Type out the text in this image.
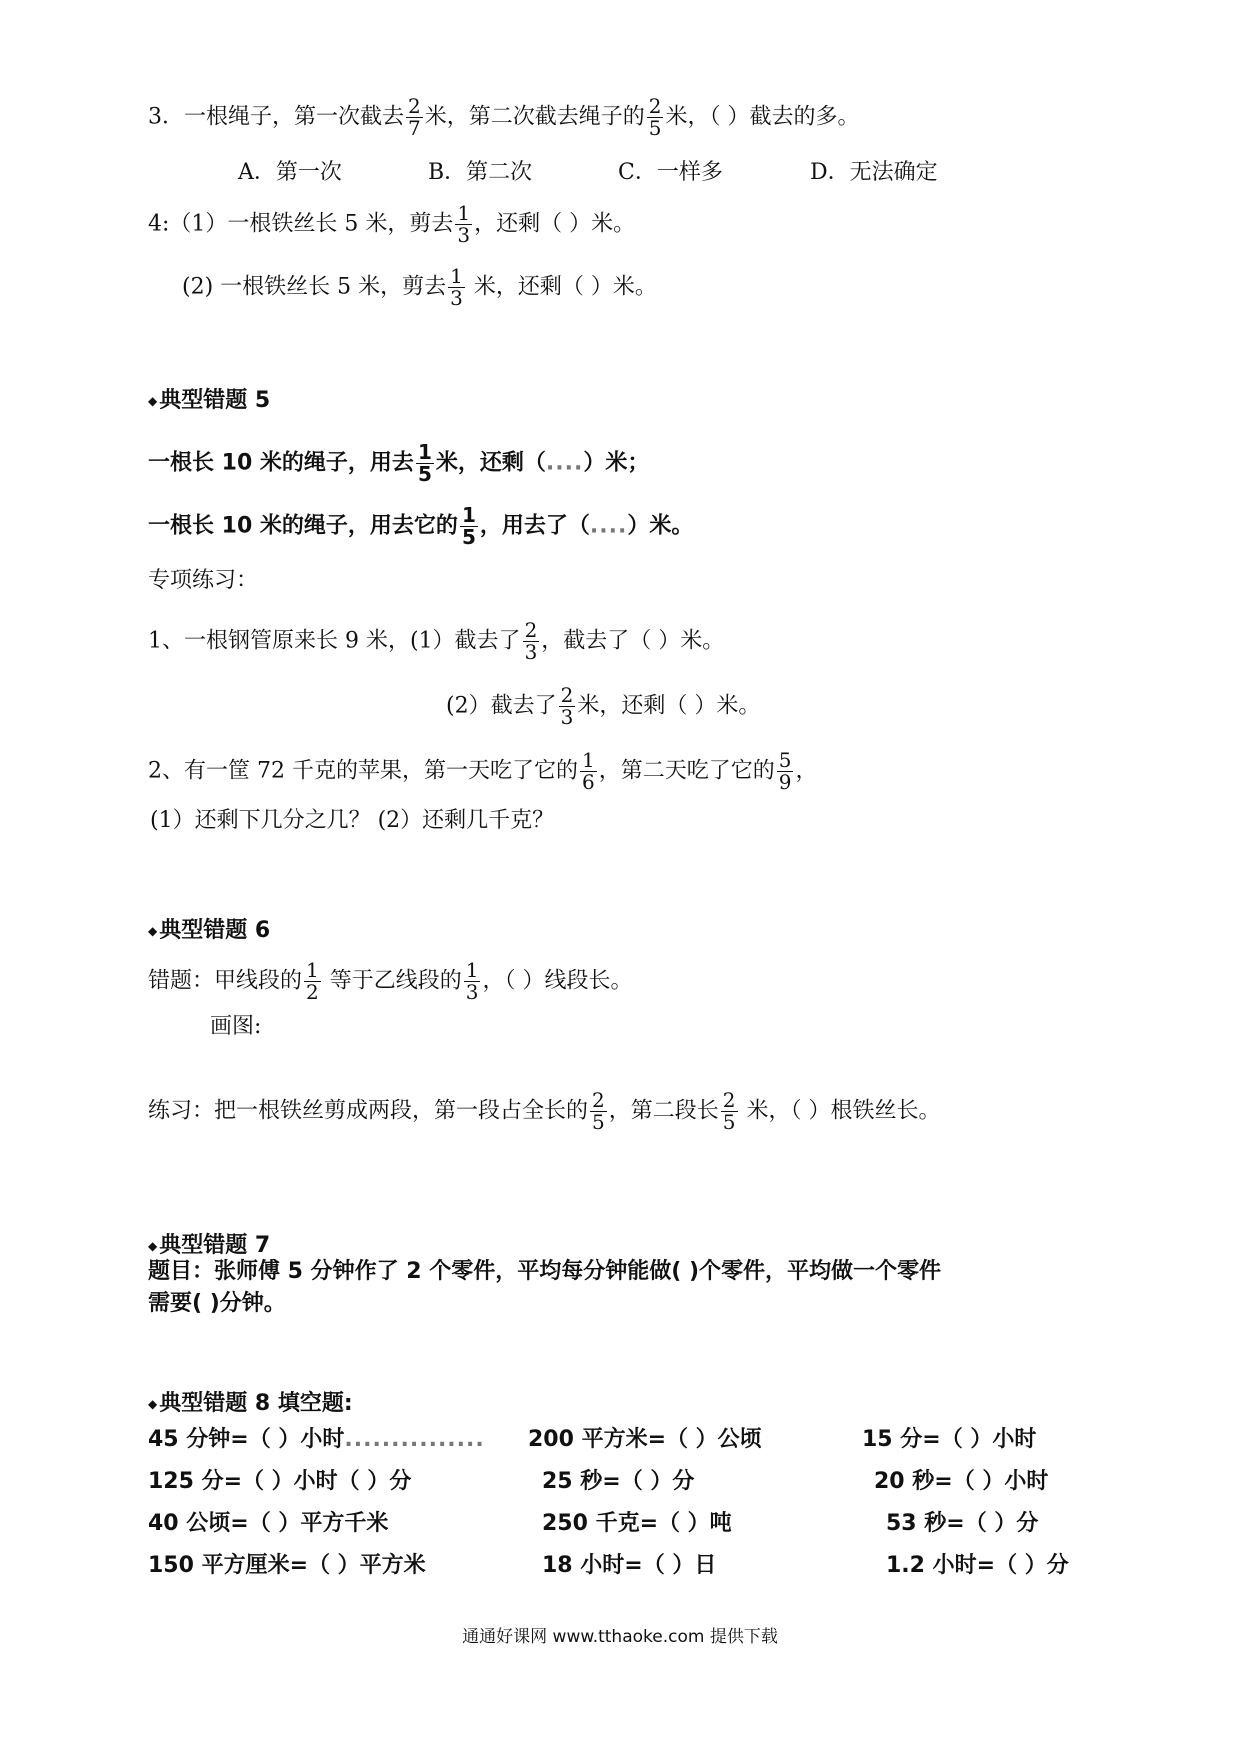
3．一根绳子，第一次截去 $\frac{2}{7}$ 米，第二次截去绳子的 $\frac{2}{5}$ 米，（ ）截去的多。
A．第一次	B．第二次	C．一样多	D．无法确定
4:（1）一根铁丝长 5 米，剪去 $\frac{1}{3}$ ，还剩（ ）米。
(2) 一根铁丝长 5 米，剪去 $\frac{1}{3}$ 米，还剩（ ）米。
◆典型错题 5
一根长 10 米的绳子，用去 $\frac{1}{5}$ 米，还剩（....）米；
一根长 10 米的绳子，用去它的 $\frac{1}{5}$ ，用去了（....）米。
专项练习：
1、一根钢管原来长 9 米，(1）截去了 $\frac{2}{3}$ ，截去了（ ）米。
(2）截去了 $\frac{2}{3}$ 米，还剩（ ）米。
2、有一筐 72 千克的苹果，第一天吃了它的 $\frac{1}{6}$ ，第二天吃了它的 $\frac{5}{9}$ ，
(1）还剩下几分之几？ (2）还剩几千克？
◆典型错题 6
错题：甲线段的 $\frac{1}{2}$ 等于乙线段的 $\frac{1}{3}$ ，（ ）线段长。
画图:
练习：把一根铁丝剪成两段，第一段占全长的 $\frac{2}{5}$ ，第二段长 $\frac{2}{5}$ 米，（ ）根铁丝长。
◆典型错题 7
题目：张师傅 5 分钟作了 2 个零件，平均每分钟能做( )个零件，平均做一个零件
需要( )分钟。
◆典型错题 8 填空题:
45 分钟=（ ）小时............... 200 平方米=（ ）公顷	15 分=（ ）小时
125 分=（ ）小时（ ）分	25 秒=（ ）分	20 秒=（ ）小时
40 公顷=（ ）平方千米	250 千克=（ ）吨	53 秒=（ ）分
150 平方厘米=（ ）平方米	18 小时=（ ）日	1.2 小时=（ ）分
通通好课网 www.tthaoke.com 提供下载
